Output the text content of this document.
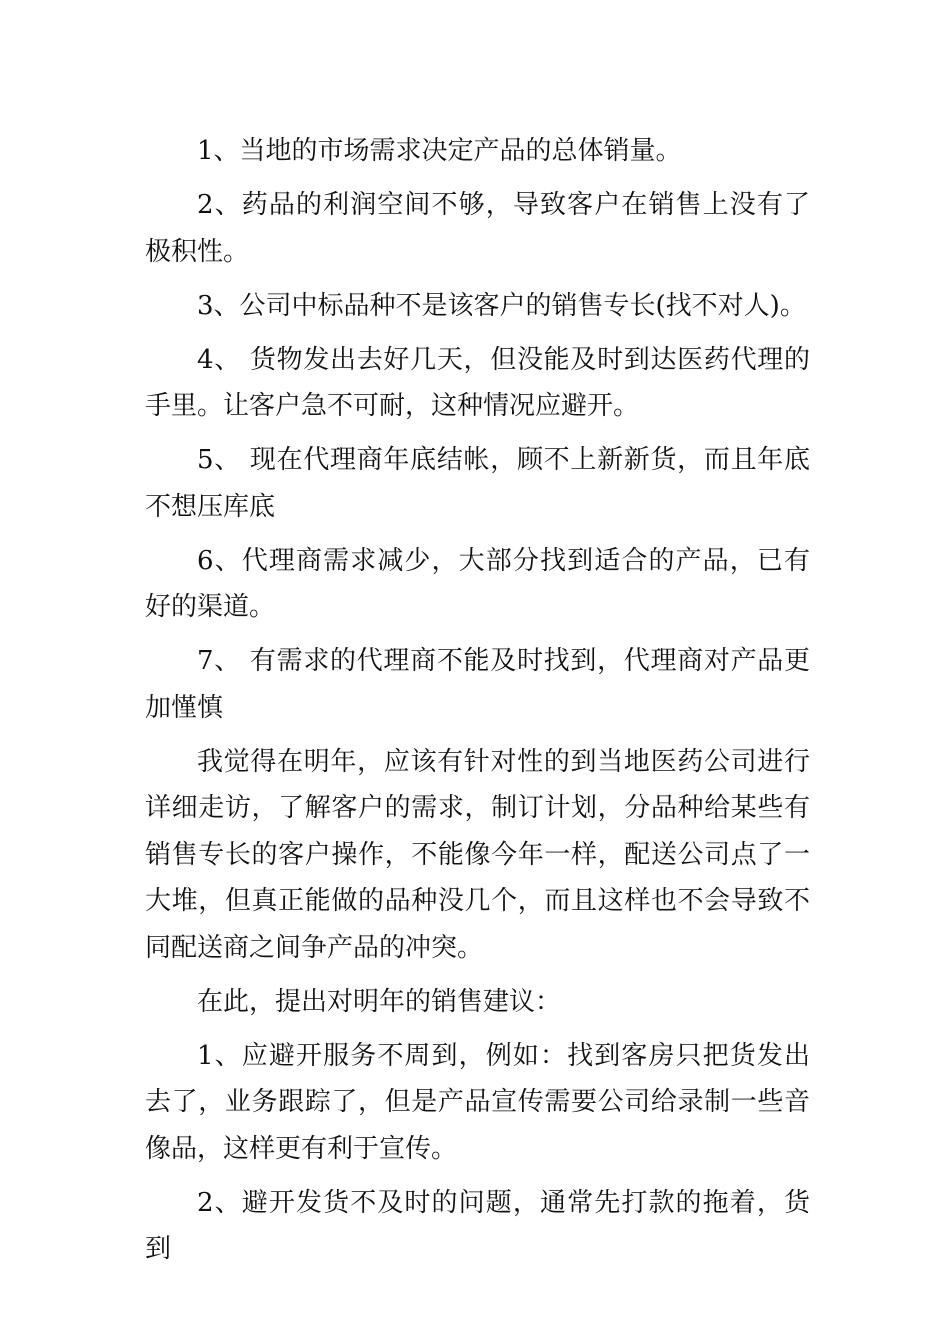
1、当地的市场需求决定产品的总体销量。

2、药品的利润空间不够，导致客户在销售上没有了极积性。

3、公司中标品种不是该客户的销售专长(找不对人)。

4、 货物发出去好几天，但没能及时到达医药代理的手里。让客户急不可耐，这种情况应避开。

5、 现在代理商年底结帐，顾不上新新货，而且年底不想压库底

6、代理商需求减少，大部分找到适合的产品，已有好的渠道。

7、 有需求的代理商不能及时找到，代理商对产品更加慬慎

我觉得在明年，应该有针对性的到当地医药公司进行详细走访，了解客户的需求，制订计划，分品种给某些有销售专长的客户操作，不能像今年一样，配送公司点了一大堆，但真正能做的品种没几个，而且这样也不会导致不同配送商之间争产品的冲突。

在此，提出对明年的销售建议：

1、应避开服务不周到，例如：找到客房只把货发出去了，业务跟踪了，但是产品宣传需要公司给录制一些音像品，这样更有利于宣传。

2、避开发货不及时的问题，通常先打款的拖着，货到
